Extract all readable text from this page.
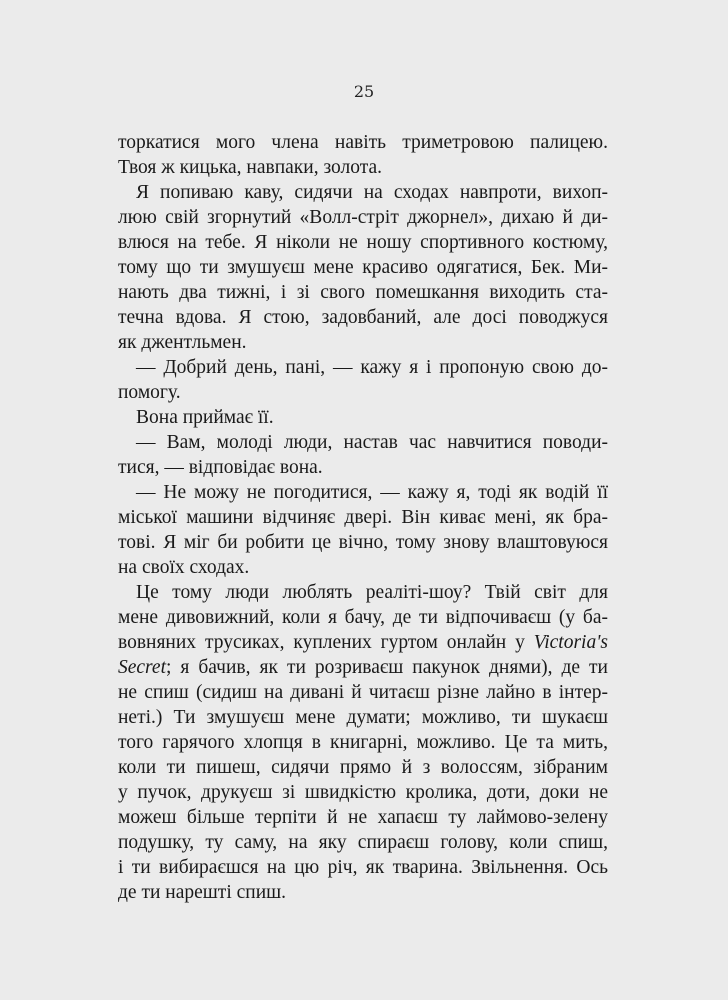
25
торкатися мого члена навіть триметровою палицею.
Твоя ж кицька, навпаки, золота.
Я попиваю каву, сидячи на сходах навпроти, вихоп-
люю свій згорнутий «Волл-стріт джорнел», дихаю й ди-
влюся на тебе. Я ніколи не ношу спортивного костюму,
тому що ти змушуєш мене красиво одягатися, Бек. Ми-
нають два тижні, і зі свого помешкання виходить ста-
течна вдова. Я стою, задовбаний, але досі поводжуся
як джентльмен.
— Добрий день, пані, — кажу я і пропоную свою до-
помогу.
Вона приймає її.
— Вам, молоді люди, настав час навчитися поводи-
тися, — відповідає вона.
— Не можу не погодитися, — кажу я, тоді як водій її
міської машини відчиняє двері. Він киває мені, як бра-
тові. Я міг би робити це вічно, тому знову влаштовуюся
на своїх сходах.
Це тому люди люблять реаліті-шоу? Твій світ для
мене дивовижний, коли я бачу, де ти відпочиваєш (у ба-
вовняних трусиках, куплених гуртом онлайн у Victoria's
Secret; я бачив, як ти розриваєш пакунок днями), де ти
не спиш (сидиш на дивані й читаєш різне лайно в інтер-
неті.) Ти змушуєш мене думати; можливо, ти шукаєш
того гарячого хлопця в книгарні, можливо. Це та мить,
коли ти пишеш, сидячи прямо й з волоссям, зібраним
у пучок, друкуєш зі швидкістю кролика, доти, доки не
можеш більше терпіти й не хапаєш ту лаймово-зелену
подушку, ту саму, на яку спираєш голову, коли спиш,
і ти вибираєшся на цю річ, як тварина. Звільнення. Ось
де ти нарешті спиш.
